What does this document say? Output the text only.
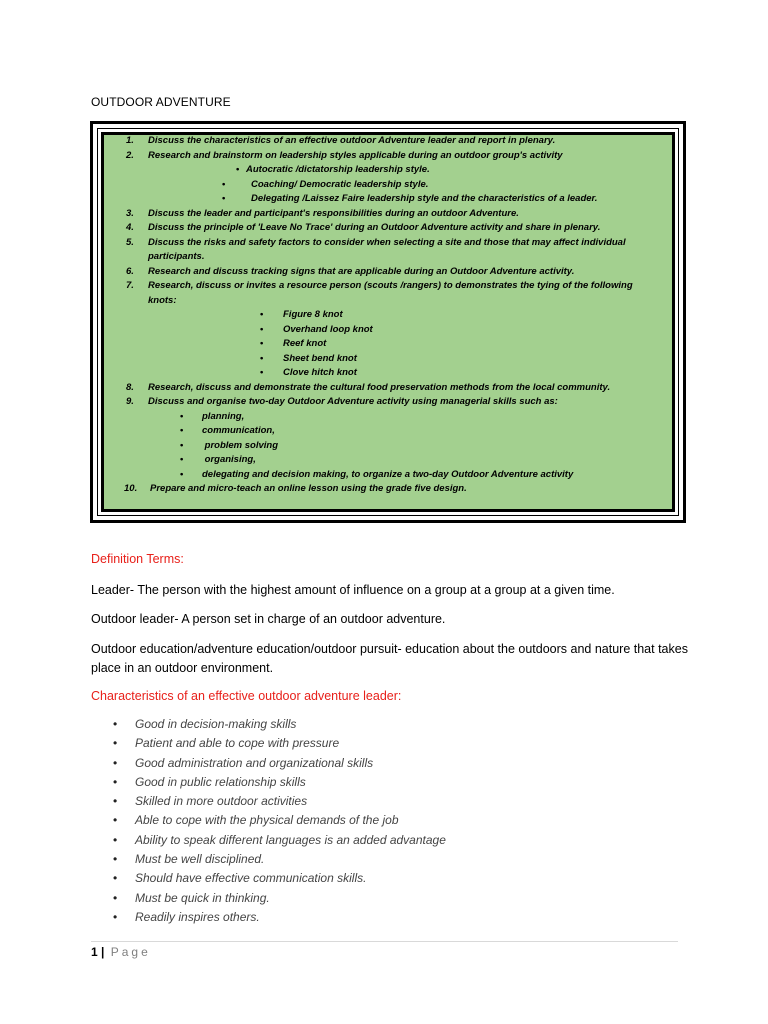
OUTDOOR ADVENTURE
1. Discuss the characteristics of an effective outdoor Adventure leader and report in plenary.
2. Research and brainstorm on leadership styles applicable during an outdoor group's activity
• Autocratic /dictatorship leadership style.
•	Coaching/ Democratic leadership style.
•	Delegating /Laissez Faire leadership style and the characteristics of a leader.
3. Discuss the leader and participant's responsibilities during an outdoor Adventure.
4. Discuss the principle of 'Leave No Trace' during an Outdoor Adventure activity and share in plenary.
5. Discuss the risks and safety factors to consider when selecting a site and those that may affect individual
participants.
6. Research and discuss tracking signs that are applicable during an Outdoor Adventure activity.
7. Research, discuss or invites a resource person (scouts /rangers) to demonstrates the tying of the following
knots:
• Figure 8 knot
• Overhand loop knot
• Reef knot
• Sheet bend knot
• Clove hitch knot
8. Research, discuss and demonstrate the cultural food preservation methods from the local community.
9. Discuss and organise two-day Outdoor Adventure activity using managerial skills such as:
• planning,
• communication,
• problem solving
• organising,
• delegating and decision making, to organize a two-day Outdoor Adventure activity
10. Prepare and micro-teach an online lesson using the grade five design.
Definition Terms:
Leader- The person with the highest amount of influence on a group at a group at a given time.
Outdoor leader- A person set in charge of an outdoor adventure.
Outdoor education/adventure education/outdoor pursuit- education about the outdoors and nature that takes place in an outdoor environment.
Characteristics of an effective outdoor adventure leader:
• Good in decision-making skills
• Patient and able to cope with pressure
• Good administration and organizational skills
• Good in public relationship skills
• Skilled in more outdoor activities
• Able to cope with the physical demands of the job
• Ability to speak different languages is an added advantage
• Must be well disciplined.
• Should have effective communication skills.
• Must be quick in thinking.
• Readily inspires others.
1 | Page
